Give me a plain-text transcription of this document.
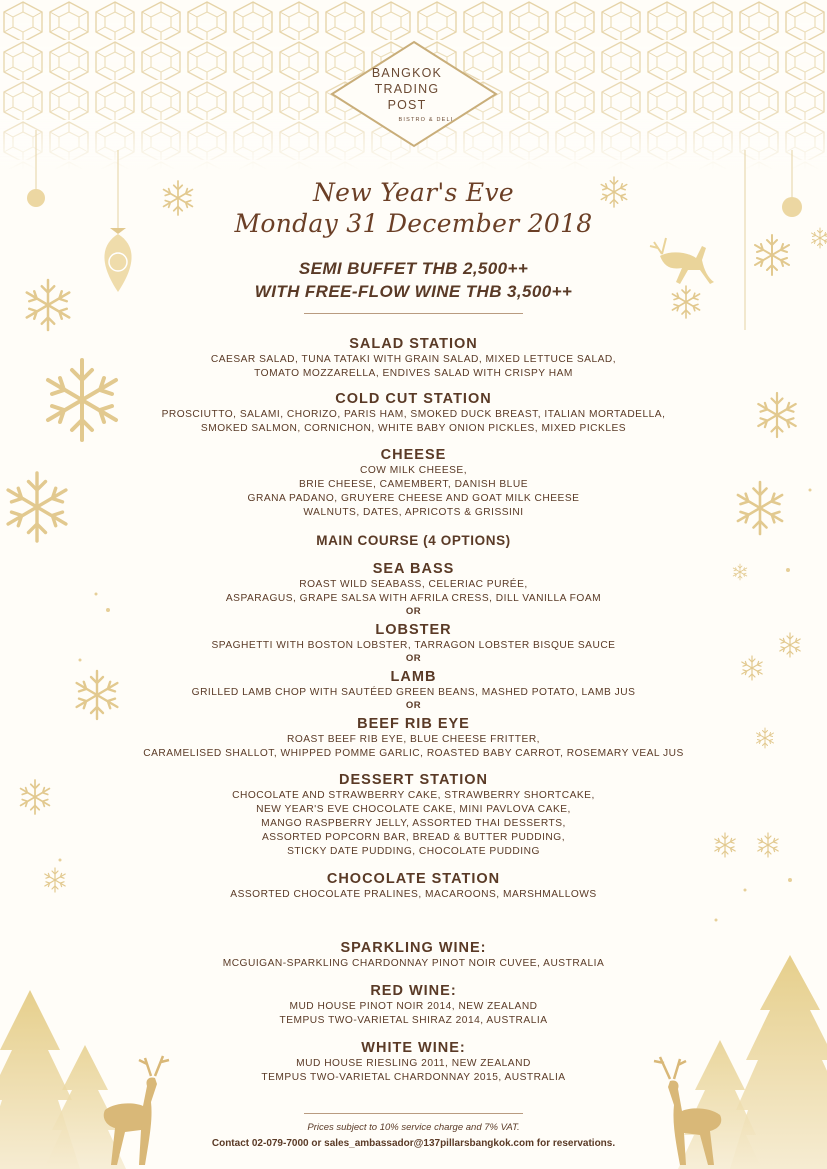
BANGKOK
TRADING
POST
BISTRO & DELI
New Year's Eve
Monday 31 December 2018
SEMI BUFFET THB 2,500++
WITH FREE-FLOW WINE THB 3,500++
SALAD STATION
CAESAR SALAD, TUNA TATAKI WITH GRAIN SALAD, MIXED LETTUCE SALAD,
TOMATO MOZZARELLA, ENDIVES SALAD WITH CRISPY HAM
COLD CUT STATION
PROSCIUTTO, SALAMI, CHORIZO, PARIS HAM, SMOKED DUCK BREAST, ITALIAN MORTADELLA,
SMOKED SALMON, CORNICHON, WHITE BABY ONION PICKLES, MIXED PICKLES
CHEESE
COW MILK CHEESE,
BRIE CHEESE, CAMEMBERT, DANISH BLUE
GRANA PADANO, GRUYERE CHEESE AND GOAT MILK CHEESE
WALNUTS, DATES, APRICOTS & GRISSINI
MAIN COURSE (4 OPTIONS)
SEA BASS
ROAST WILD SEABASS, CELERIAC PURÉE,
ASPARAGUS, GRAPE SALSA WITH AFRILA CRESS, DILL VANILLA FOAM
OR
LOBSTER
SPAGHETTI WITH BOSTON LOBSTER, TARRAGON LOBSTER BISQUE SAUCE
OR
LAMB
GRILLED LAMB CHOP WITH SAUTÉED GREEN BEANS, MASHED POTATO, LAMB JUS
OR
BEEF RIB EYE
ROAST BEEF RIB EYE, BLUE CHEESE FRITTER,
CARAMELISED SHALLOT, WHIPPED POMME GARLIC, ROASTED BABY CARROT, ROSEMARY VEAL JUS
DESSERT STATION
CHOCOLATE AND STRAWBERRY CAKE, STRAWBERRY SHORTCAKE,
NEW YEAR'S EVE CHOCOLATE CAKE, MINI PAVLOVA CAKE,
MANGO RASPBERRY JELLY, ASSORTED THAI DESSERTS,
ASSORTED POPCORN BAR, BREAD & BUTTER PUDDING,
STICKY DATE PUDDING, CHOCOLATE PUDDING
CHOCOLATE STATION
ASSORTED CHOCOLATE PRALINES, MACAROONS, MARSHMALLOWS
SPARKLING WINE:
MCGUIGAN-SPARKLING CHARDONNAY PINOT NOIR CUVEE, AUSTRALIA
RED WINE:
MUD HOUSE PINOT NOIR 2014, NEW ZEALAND
TEMPUS TWO-VARIETAL SHIRAZ 2014, AUSTRALIA
WHITE WINE:
MUD HOUSE RIESLING 2011, NEW ZEALAND
TEMPUS TWO-VARIETAL CHARDONNAY 2015, AUSTRALIA
Prices subject to 10% service charge and 7% VAT.
Contact 02-079-7000 or sales_ambassador@137pillarsbangkok.com for reservations.
